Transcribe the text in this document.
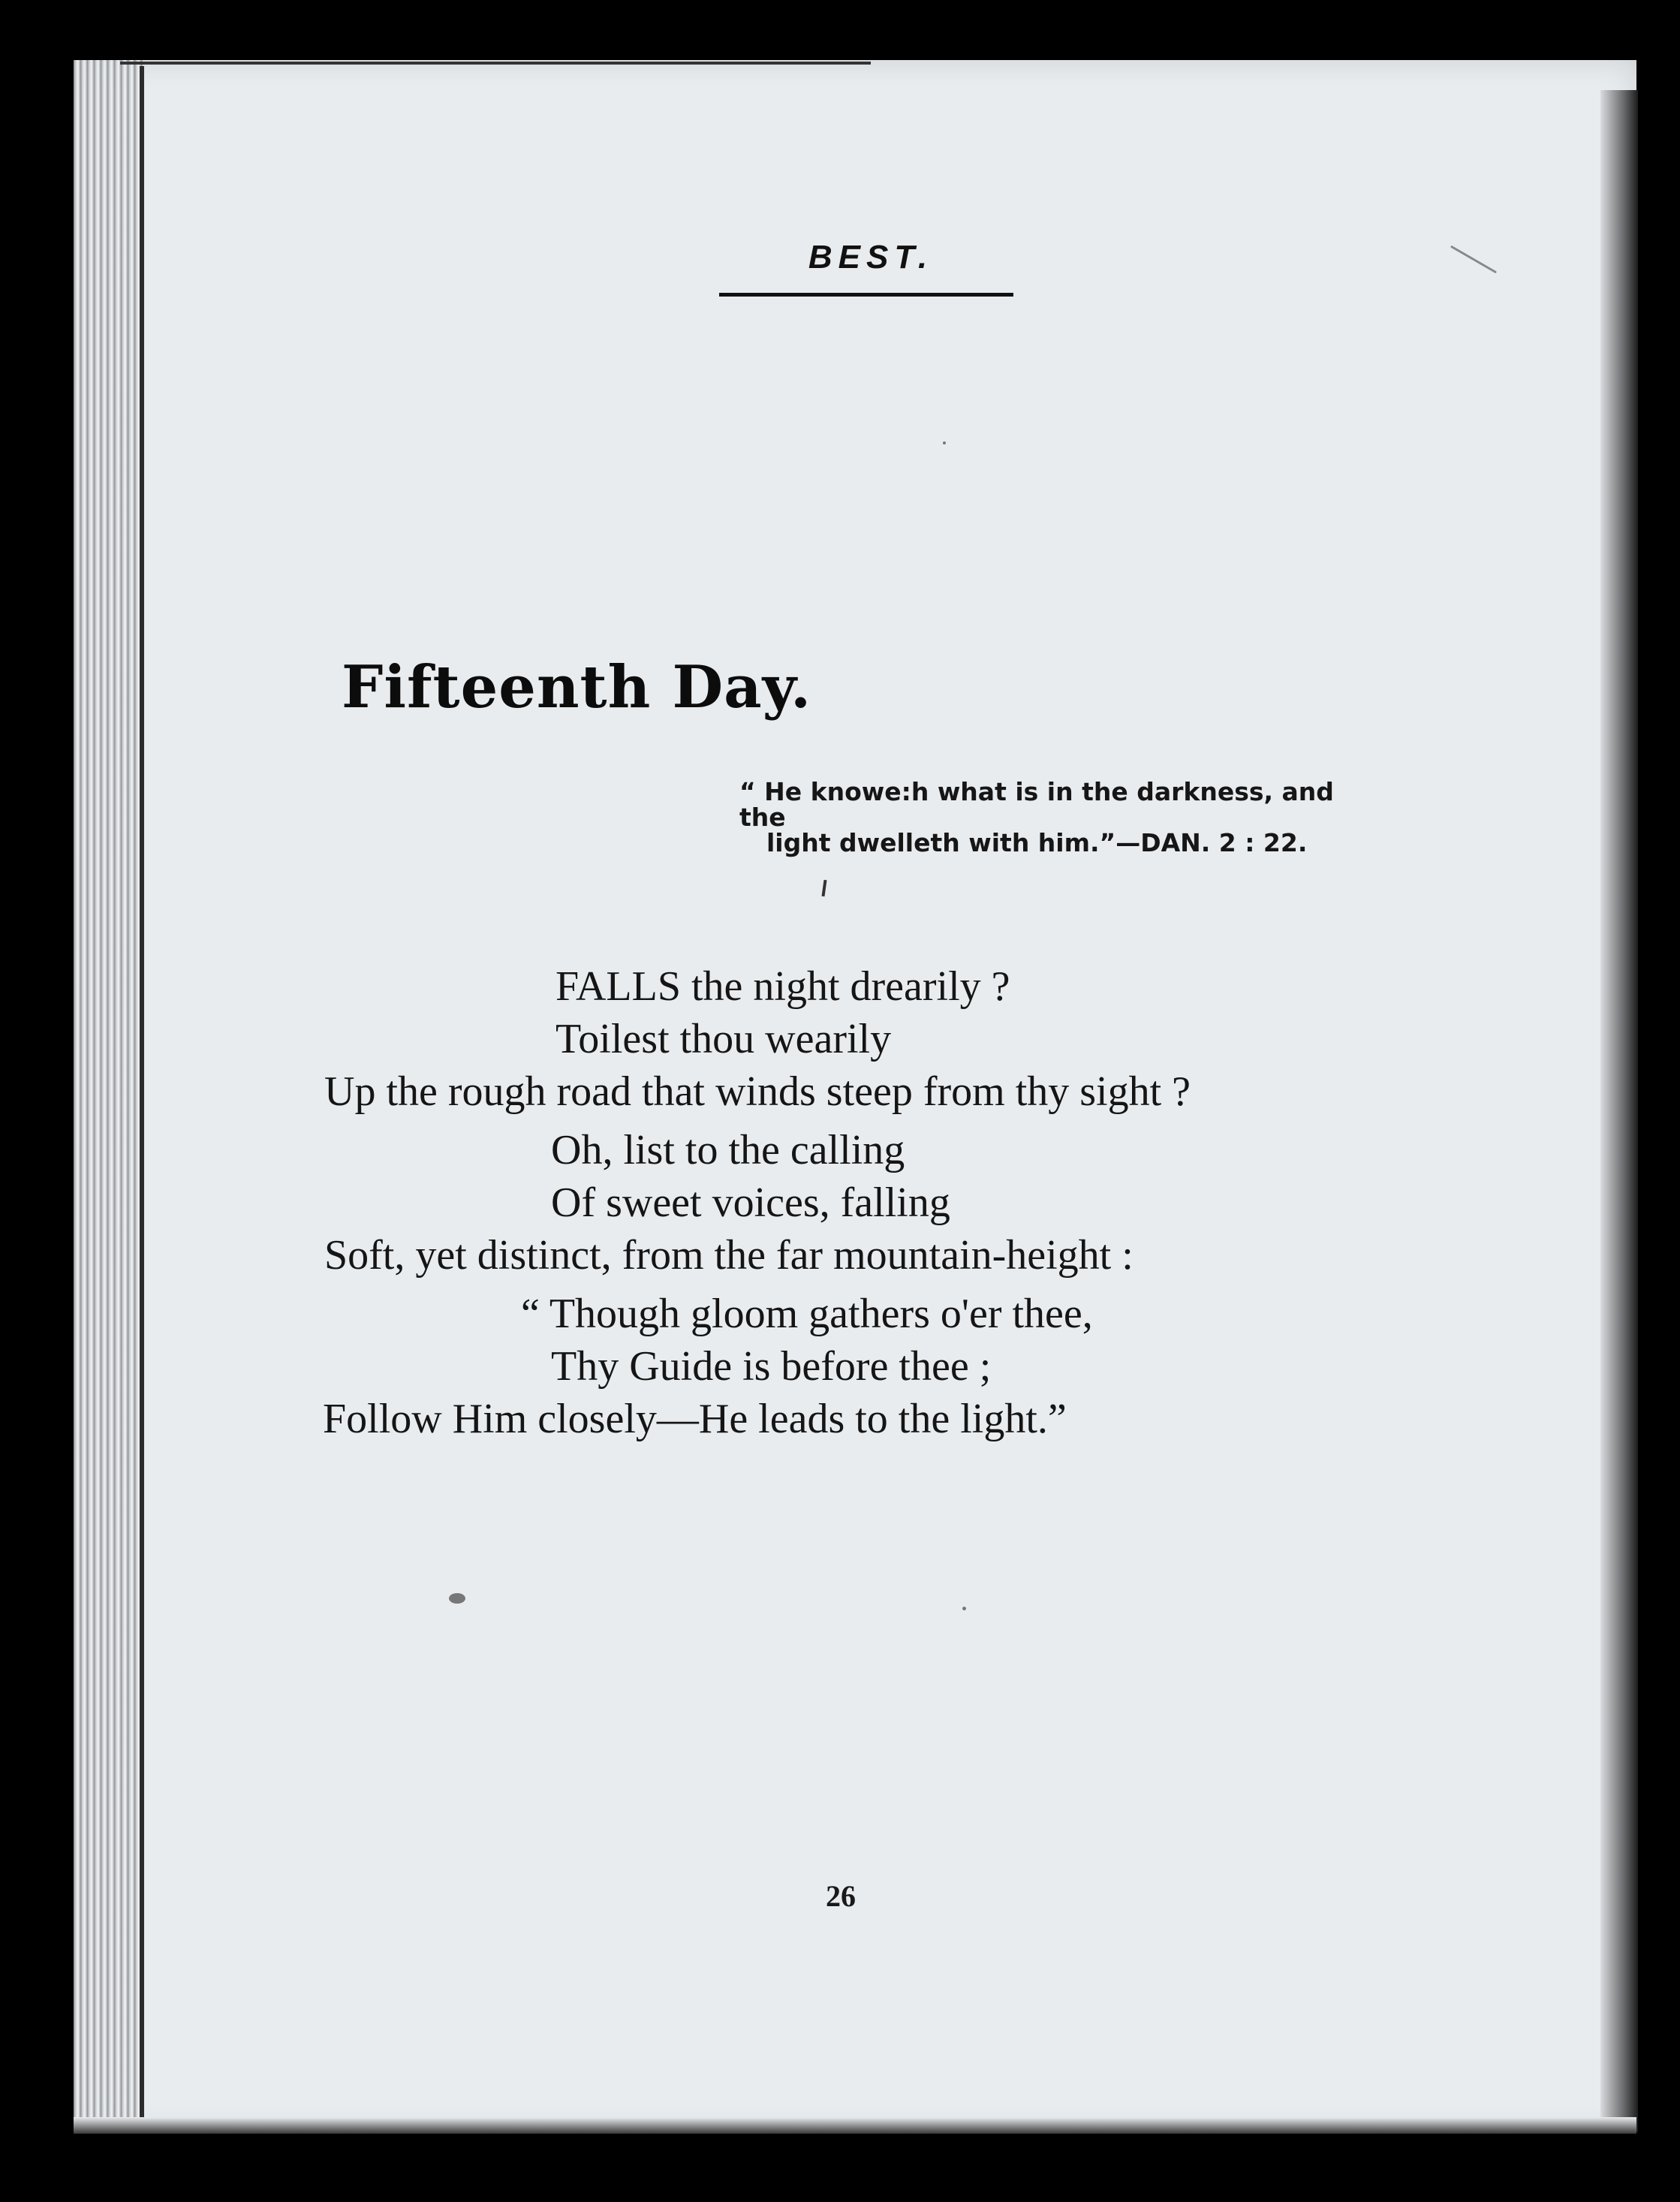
BEST.
Fifteenth Day.
“ He knowe:h what is in the darkness, and the
light dwelleth with him.”—DAN. 2 : 22.
FALLS the night drearily ?
Toilest thou wearily
Up the rough road that winds steep from thy sight ?
Oh, list to the calling
Of sweet voices, falling
Soft, yet distinct, from the far mountain-height :
“ Though gloom gathers o'er thee,
Thy Guide is before thee ;
Follow Him closely—He leads to the light.”
26
